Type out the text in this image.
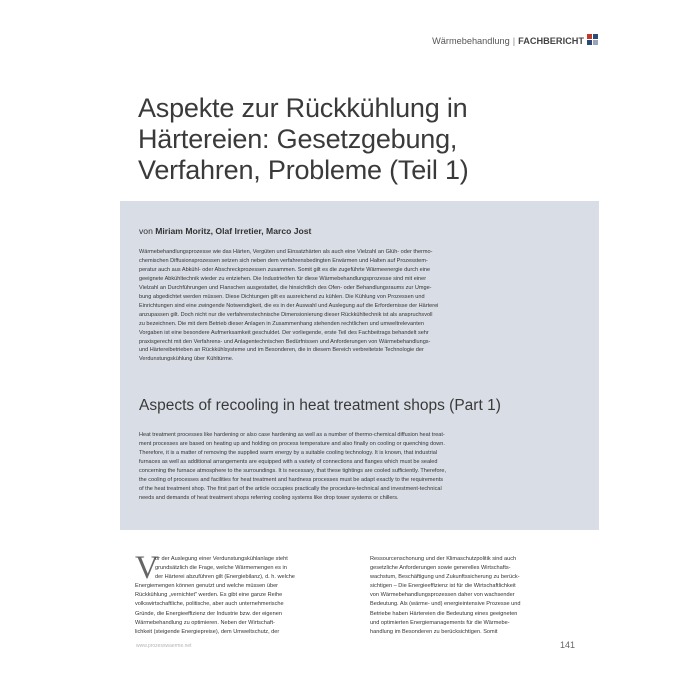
Wärmebehandlung | FACHBERICHT
Aspekte zur Rückkühlung in
Härtereien: Gesetzgebung,
Verfahren, Probleme (Teil 1)
von Miriam Moritz, Olaf Irretier, Marco Jost

Wärmebehandlungsprozesse wie das Härten, Vergüten und Einsatzhärten als auch eine Vielzahl an Glüh- oder thermo-
chemischen Diffusionsprozessen setzen sich neben dem verfahrensbedingten Erwärmen und Halten auf Prozesstem-
peratur auch aus Abkühl- oder Abschreckprozessen zusammen. Somit gilt es die zugeführte Wärmeenergie durch eine
geeignete Abkühltechnik wieder zu entziehen. Die Industrieöfen für diese Wärmebehandlungsprozesse sind mit einer
Vielzahl an Durchführungen und Flanschen ausgestattet, die hinsichtlich des Ofen- oder Behandlungsraums zur Umge-
bung abgedichtet werden müssen. Diese Dichtungen gilt es ausreichend zu kühlen. Die Kühlung von Prozessen und
Einrichtungen sind eine zwingende Notwendigkeit, die es in der Auswahl und Auslegung auf die Erfordernisse der Härterei
anzupassen gilt. Doch nicht nur die verfahrenstechnische Dimensionierung dieser Rückkühltechnik ist als anspruchsvoll
zu bezeichnen. Die mit dem Betrieb dieser Anlagen in Zusammenhang stehenden rechtlichen und umweltrelevanten
Vorgaben ist eine besondere Aufmerksamkeit geschuldet. Der vorliegende, erste Teil des Fachbeitrags behandelt sehr
praxisgerecht mit den Verfahrens- und Anlagentechnischen Bedürfnissen und Anforderungen von Wärmebehandlungs-
und Härtereibetrieben an Rückkühlsysteme und im Besonderen, die in diesem Bereich verbreitetste Technologie der
Verdunstungskühlung über Kühltürme.

Aspects of recooling in heat treatment shops (Part 1)

Heat treatment processes like hardening or also case hardening as well as a number of thermo-chemical diffusion heat treat-
ment processes are based on heating up and holding on process temperature and also finally on cooling or quenching down.
Therefore, it is a matter of removing the supplied warm energy by a suitable cooling technology. It is known, that industrial
furnaces as well as additional arrangements are equipped with a variety of connections and flanges which must be sealed
concerning the furnace atmosphere to the surroundings. It is necessary, that these tightings are cooled sufficiently. Therefore,
the cooling of processes and facilities for heat treatment and hardness processes must be adapt exactly to the requirements
of the heat treatment shop. The first part of the article occupies practically the procedure-technical and investment-technical
needs and demands of heat treatment shops referring cooling systems like drop tower systems or chillers.

V

or der Auslegung einer Verdunstungskühlanlage steht
grundsätzlich die Frage, welche Wärmemengen es in
der Härterei abzuführen gilt (Energiebilanz), d. h. welche
Energiemengen können genutzt und welche müssen über
Rückkühlung „vernichtet" werden. Es gibt eine ganze Reihe
volkswirtschaftliche, politische, aber auch unternehmerische
Gründe, die Energieeffizienz der Industrie bzw. der eigenen
Wärmebehandlung zu optimieren. Neben der Wirtschaft-
lichkeit (steigende Energiepreise), dem Umweltschutz, der

Ressourcenschonung und der Klimaschutzpolitik sind auch
gesetzliche Anforderungen sowie generelles Wirtschafts-
wachstum, Beschäftigung und Zukunftssicherung zu berück-
sichtigen – Die Energieeffizienz ist für die Wirtschaftlichkeit
von Wärmebehandlungsprozessen daher von wachsender
Bedeutung. Als (wärme- und) energieintensive Prozesse und
Betriebe haben Härtereien die Bedeutung eines geeigneten
und optimierten Energiemanagements für die Wärmebe-
handlung im Besonderen zu berücksichtigen. Somit

www.prozesswaerme.net	141
